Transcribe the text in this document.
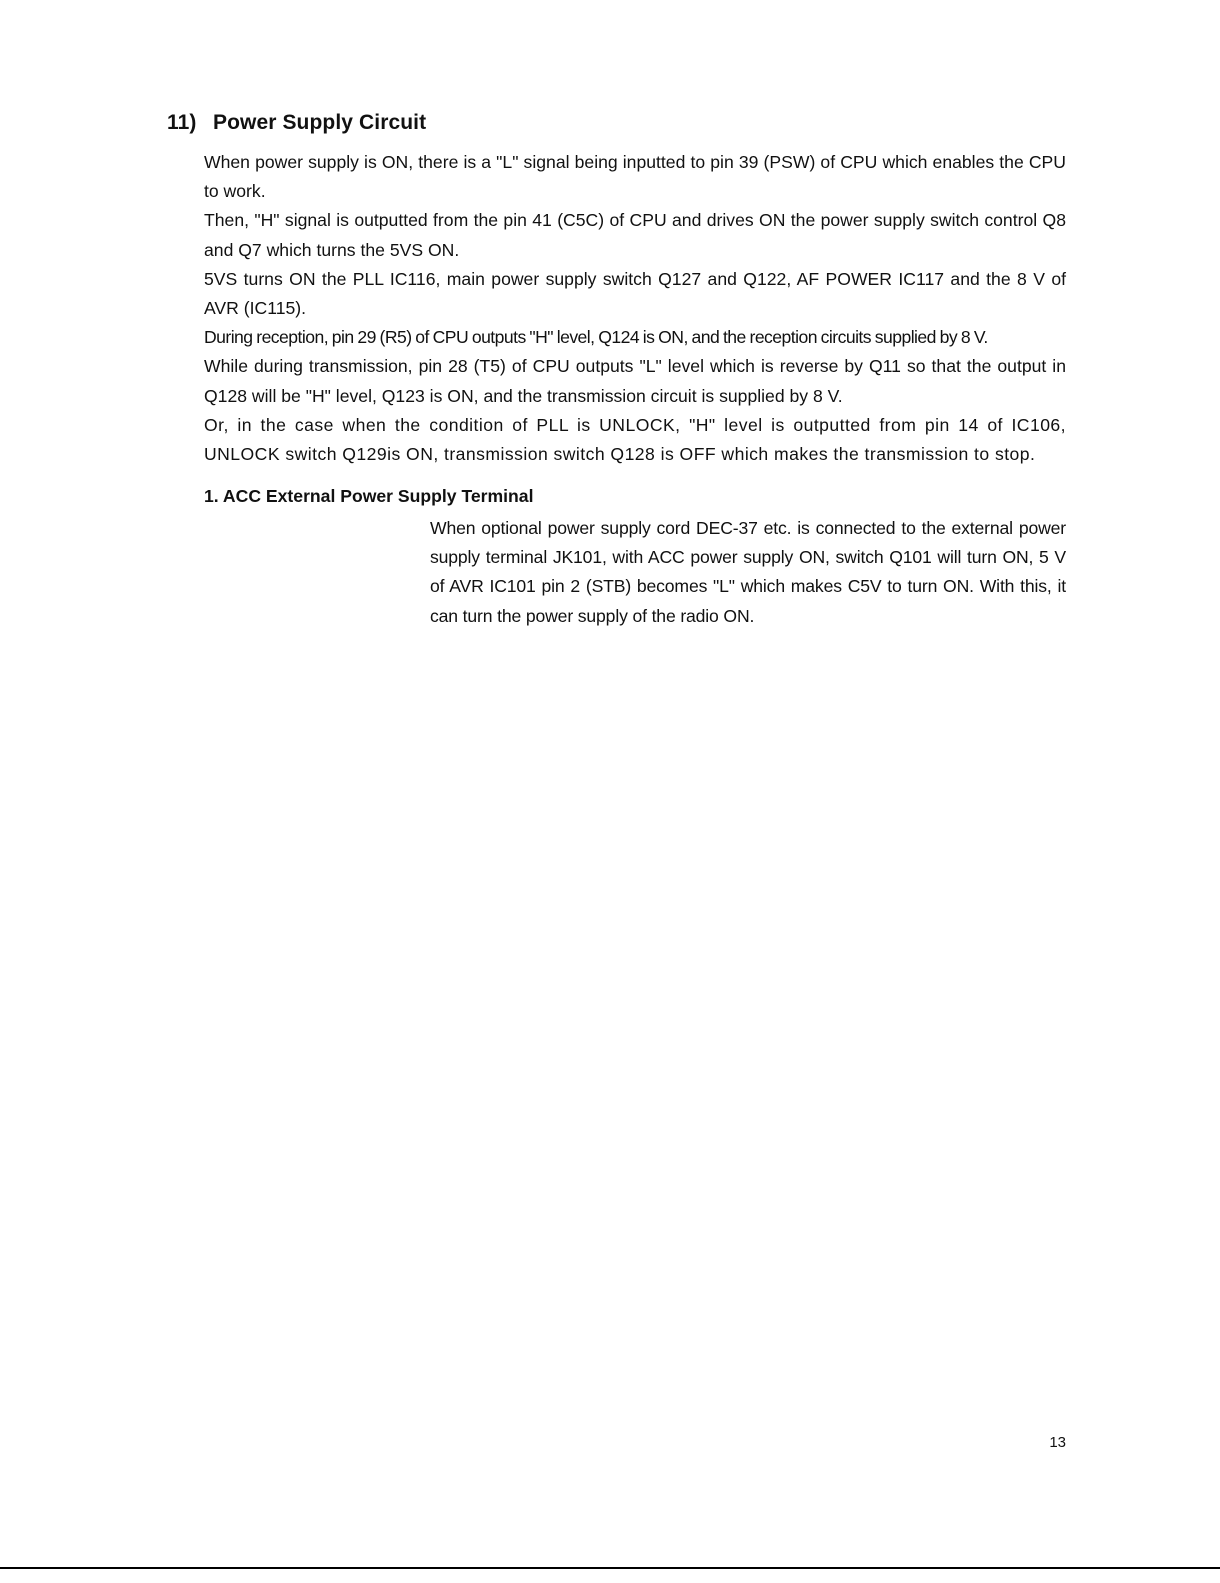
11) Power Supply Circuit

When power supply is ON, there is a "L" signal being inputted to pin 39 (PSW) of CPU which enables the CPU to work.

Then, "H" signal is outputted from the pin 41 (C5C) of CPU and drives ON the power supply switch control Q8 and Q7 which turns the 5VS ON.

5VS turns ON the PLL IC116, main power supply switch Q127 and Q122, AF POWER IC117 and the 8 V of AVR (IC115).

During reception, pin 29 (R5) of CPU outputs "H" level, Q124 is ON, and the reception circuits supplied by 8 V.

While during transmission, pin 28 (T5) of CPU outputs "L" level which is reverse by Q11 so that the output in Q128 will be "H" level, Q123 is ON, and the transmission circuit is supplied by 8 V.

Or, in the case when the condition of PLL is UNLOCK, "H" level is outputted from pin 14 of IC106, UNLOCK switch Q129is ON, transmission switch Q128 is OFF which makes the transmission to stop.

1. ACC External Power Supply Terminal

When optional power supply cord DEC-37 etc. is connected to the external power supply terminal JK101, with ACC power supply ON, switch Q101 will turn ON, 5 V of AVR IC101 pin 2 (STB) becomes "L" which makes C5V to turn ON. With this, it can turn the power supply of the radio ON.

13
